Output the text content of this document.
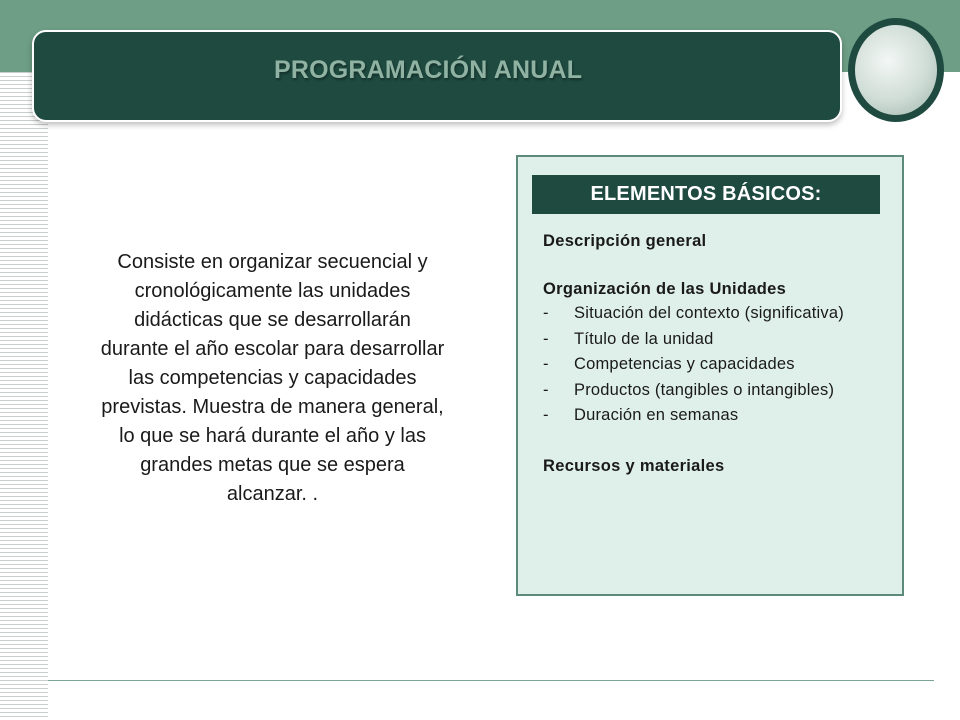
PROGRAMACIÓN ANUAL
Consiste en organizar secuencial y cronológicamente las unidades didácticas que se desarrollarán durante el año escolar para desarrollar las competencias y capacidades previstas. Muestra de manera general, lo que se hará durante el año y las grandes metas que se espera alcanzar. .
ELEMENTOS BÁSICOS:
Descripción general
Organización de las Unidades
-	Situación del contexto (significativa)
-	Título de la unidad
-	Competencias y capacidades
-	Productos (tangibles o intangibles)
-	Duración en semanas
Recursos y materiales
